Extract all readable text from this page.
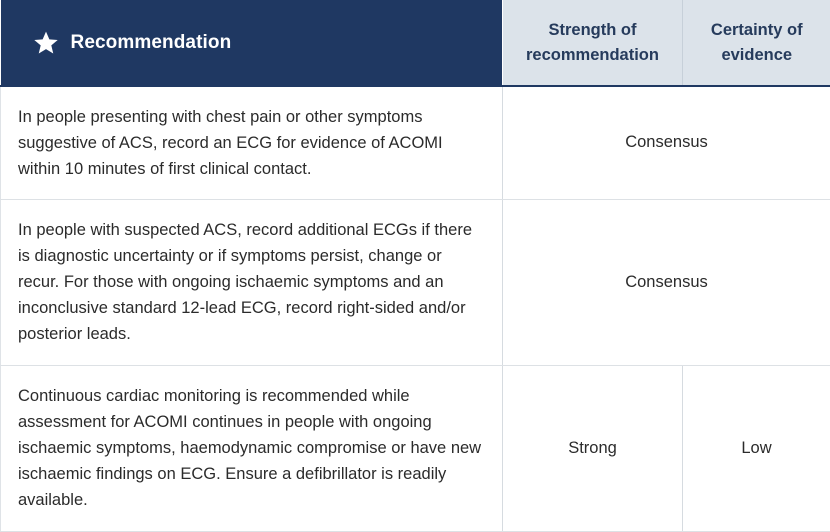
Recommendation	Strength of recommendation	Certainty of evidence
In people presenting with chest pain or other symptoms suggestive of ACS, record an ECG for evidence of ACOMI within 10 minutes of first clinical contact.	Consensus	
In people with suspected ACS, record additional ECGs if there is diagnostic uncertainty or if symptoms persist, change or recur. For those with ongoing ischaemic symptoms and an inconclusive standard 12-lead ECG, record right-sided and/or posterior leads.	Consensus	
Continuous cardiac monitoring is recommended while assessment for ACOMI continues in people with ongoing ischaemic symptoms, haemodynamic compromise or have new ischaemic findings on ECG. Ensure a defibrillator is readily available.	Strong	Low
